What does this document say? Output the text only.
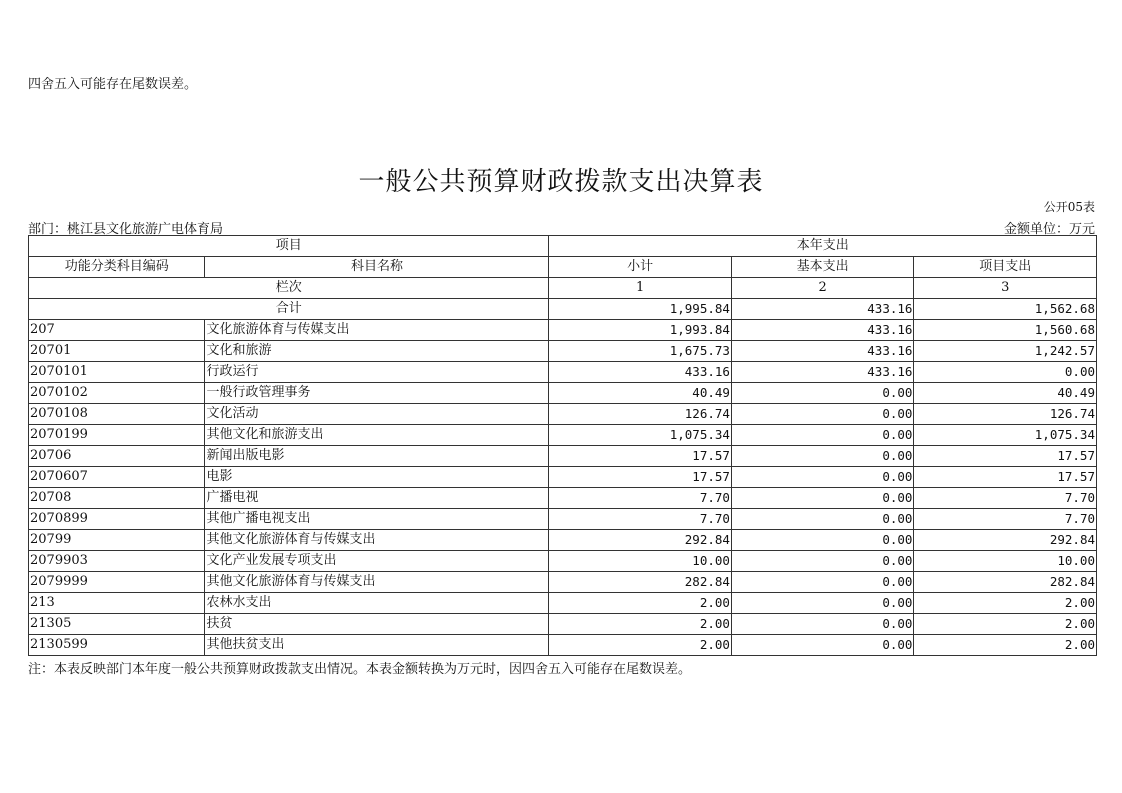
四舍五入可能存在尾数误差。
一般公共预算财政拨款支出决算表
公开05表
部门：桃江县文化旅游广电体育局	金额单位：万元
项目		本年支出		
功能分类科目编码	科目名称	小计	基本支出	项目支出
栏次		1	2	3
合计		1,995.84	433.16	1,562.68
207	文化旅游体育与传媒支出	1,993.84	433.16	1,560.68
20701	文化和旅游	1,675.73	433.16	1,242.57
2070101	行政运行	433.16	433.16	0.00
2070102	一般行政管理事务	40.49	0.00	40.49
2070108	文化活动	126.74	0.00	126.74
2070199	其他文化和旅游支出	1,075.34	0.00	1,075.34
20706	新闻出版电影	17.57	0.00	17.57
2070607	电影	17.57	0.00	17.57
20708	广播电视	7.70	0.00	7.70
2070899	其他广播电视支出	7.70	0.00	7.70
20799	其他文化旅游体育与传媒支出	292.84	0.00	292.84
2079903	文化产业发展专项支出	10.00	0.00	10.00
2079999	其他文化旅游体育与传媒支出	282.84	0.00	282.84
213	农林水支出	2.00	0.00	2.00
21305	扶贫	2.00	0.00	2.00
2130599	其他扶贫支出	2.00	0.00	2.00
注：本表反映部门本年度一般公共预算财政拨款支出情况。本表金额转换为万元时，因四舍五入可能存在尾数误差。
